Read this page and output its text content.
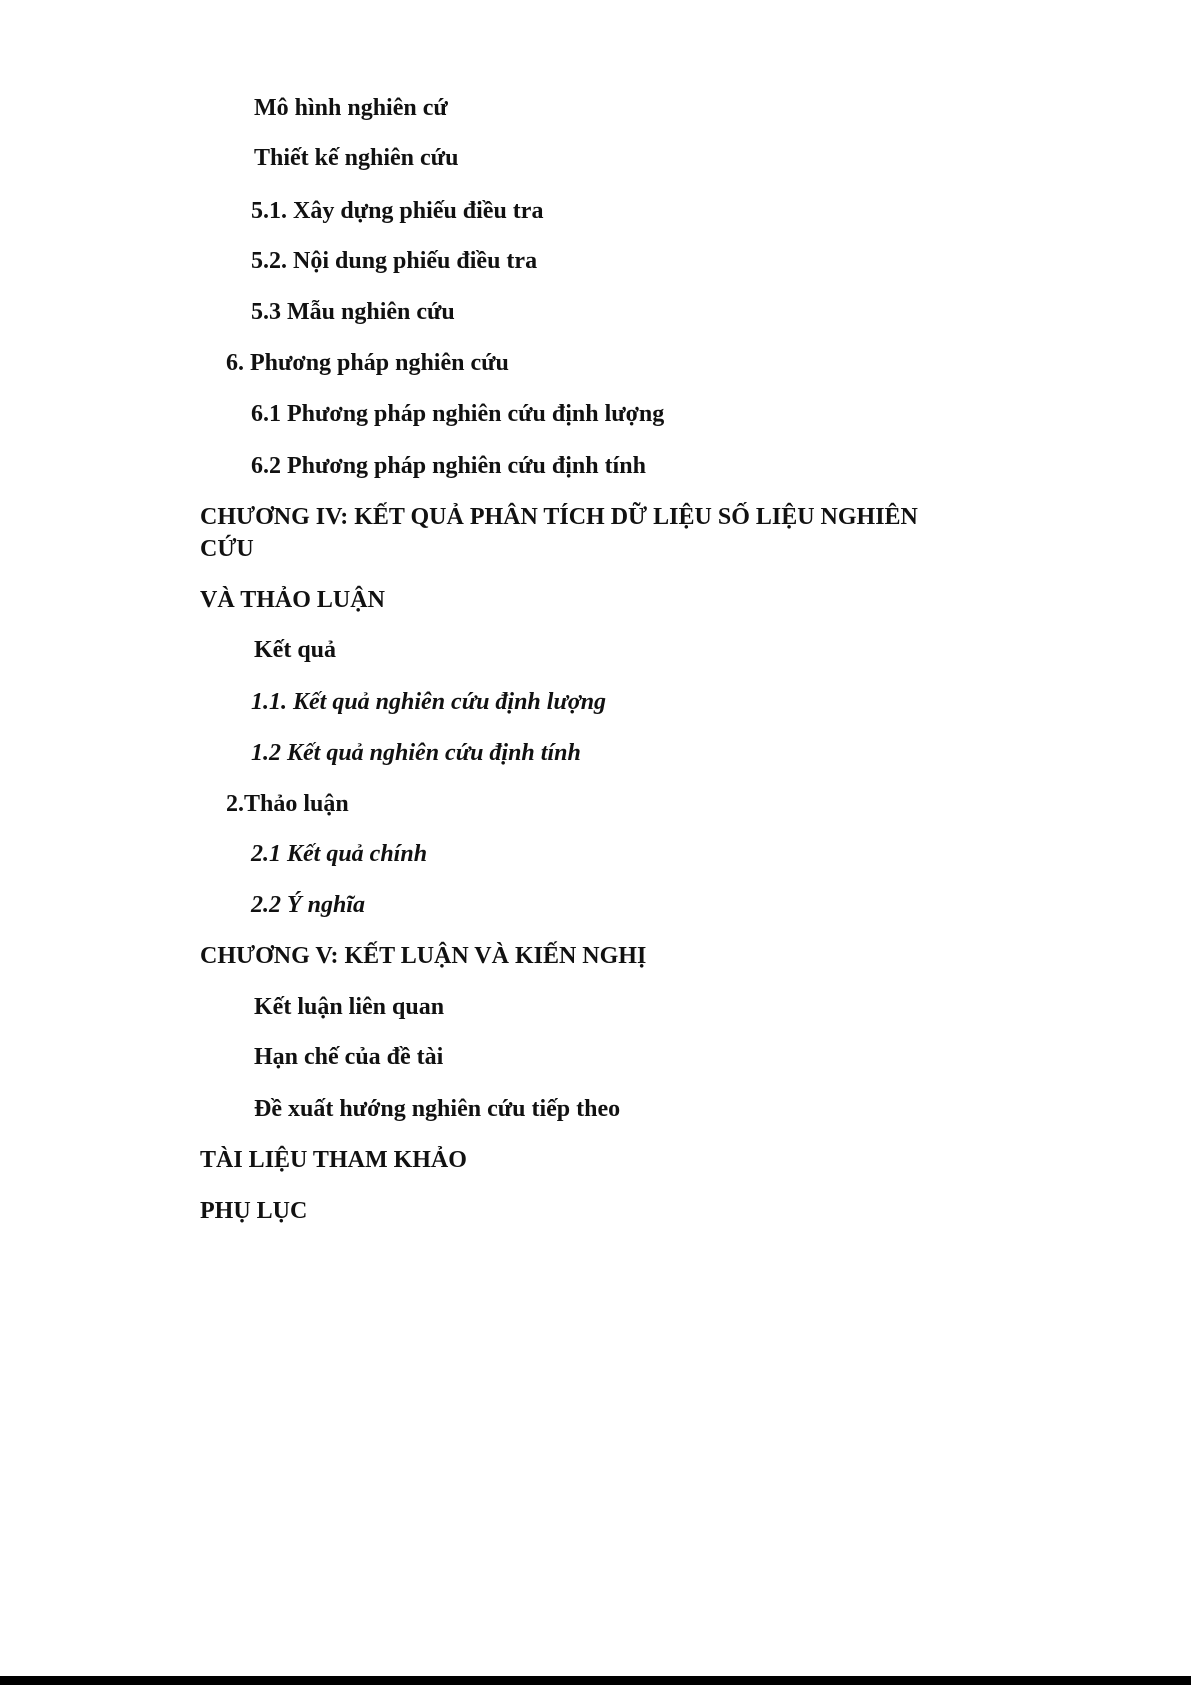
Mô hình nghiên cứ
Thiết kế nghiên cứu
5.1. Xây dựng phiếu điều tra
5.2. Nội dung phiếu điều tra
5.3 Mẫu nghiên cứu
6. Phương pháp nghiên cứu
6.1 Phương pháp nghiên cứu định lượng
6.2 Phương pháp nghiên cứu định tính
CHƯƠNG IV: KẾT QUẢ PHÂN TÍCH DỮ LIỆU SỐ LIỆU NGHIÊN
CỨU
VÀ THẢO LUẬN
Kết quả
1.1. Kết quả nghiên cứu định lượng
1.2 Kết quả nghiên cứu định tính
2.Thảo luận
2.1 Kết quả chính
2.2 Ý nghĩa
CHƯƠNG V: KẾT LUẬN VÀ KIẾN NGHỊ
Kết luận liên quan
Hạn chế của đề tài
Đề xuất hướng nghiên cứu tiếp theo
TÀI LIỆU THAM KHẢO
PHỤ LỤC
